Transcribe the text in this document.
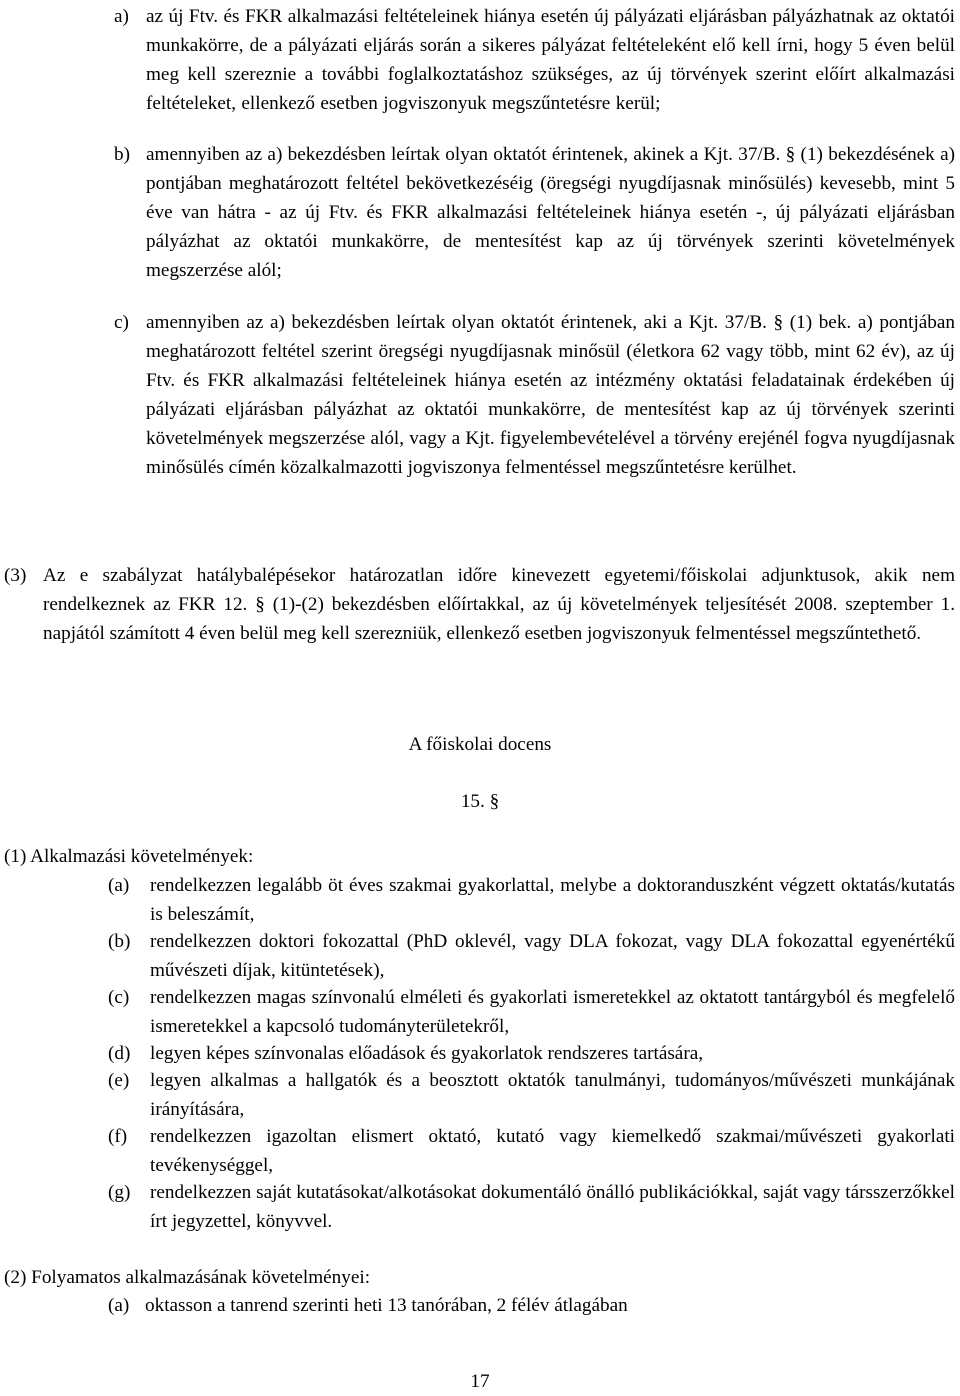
a) az új Ftv. és FKR alkalmazási feltételeinek hiánya esetén új pályázati eljárásban pályázhatnak az oktatói munkakörre, de a pályázati eljárás során a sikeres pályázat feltételeként elő kell írni, hogy 5 éven belül meg kell szerezniе a további foglalkoztatáshoz szükséges, az új törvények szerint előírt alkalmazási feltételeket, ellenkező esetben jogviszonyuk megszűntetésre kerül;
b) amennyiben az a) bekezdésben leírtak olyan oktatót érintenek, akinek a Kjt. 37/B. § (1) bekezdésének a) pontjában meghatározott feltétel bekövetkezéséig (öregségi nyugdíjasnak minősülés) kevesebb, mint 5 éve van hátra - az új Ftv. és FKR alkalmazási feltételeinek hiánya esetén -, új pályázati eljárásban pályázhat az oktatói munkakörre, de mentesítést kap az új törvények szerinti követelmények megszerzése alól;
c) amennyiben az a) bekezdésben leírtak olyan oktatót érintenek, aki a Kjt. 37/B. § (1) bek. a) pontjában meghatározott feltétel szerint öregségi nyugdíjasnak minősül (életkora 62 vagy több, mint 62 év), az új Ftv. és FKR alkalmazási feltételeinek hiánya esetén az intézmény oktatási feladatainak érdekében új pályázati eljárásban pályázhat az oktatói munkakörre, de mentesítést kap az új törvények szerinti követelmények megszerzése alól, vagy a Kjt. figyelembevételével a törvény erejénél fogva nyugdíjasnak minősülés címén közalkalmazotti jogviszonya felmentéssel megszűntetésre kerülhet.
(3) Az e szabályzat hatálybalépésekor határozatlan időre kinevezett egyetemi/főiskolai adjunktusok, akik nem rendelkeznek az FKR 12. § (1)-(2) bekezdésben előírtakkal, az új követelmények teljesítését 2008. szeptember 1. napjától számított 4 éven belül meg kell szerezniük, ellenkező esetben jogviszonyuk felmentéssel megszűntethető.
A főiskolai docens
15. §
(1) Alkalmazási követelmények:
(a) rendelkezzen legalább öt éves szakmai gyakorlattal, melybe a doktoranduszként végzett oktatás/kutatás is beleszámít,
(b) rendelkezzen doktori fokozattal (PhD oklevél, vagy DLA fokozat, vagy DLA fokozattal egyenértékű művészeti díjak, kitüntetések),
(c) rendelkezzen magas színvonalú elméleti és gyakorlati ismeretekkel az oktatott tantárgyból és megfelelő ismeretekkel a kapcsoló tudományterületekről,
(d) legyen képes színvonalas előadások és gyakorlatok rendszeres tartására,
(e) legyen alkalmas a hallgatók és a beosztott oktatók tanulmányi, tudományos/művészeti munkájának irányítására,
(f) rendelkezzen igazoltan elismert oktató, kutató vagy kiemelkedő szakmai/művészeti gyakorlati tevékenységgel,
(g) rendelkezzen saját kutatásokat/alkotásokat dokumentáló önálló publikációkkal, saját vagy társszerzőkkel írt jegyzettel, könyvvel.
(2) Folyamatos alkalmazásának követelményei:
(a) oktasson a tanrend szerinti heti 13 tanórában, 2 félév átlagában
17
